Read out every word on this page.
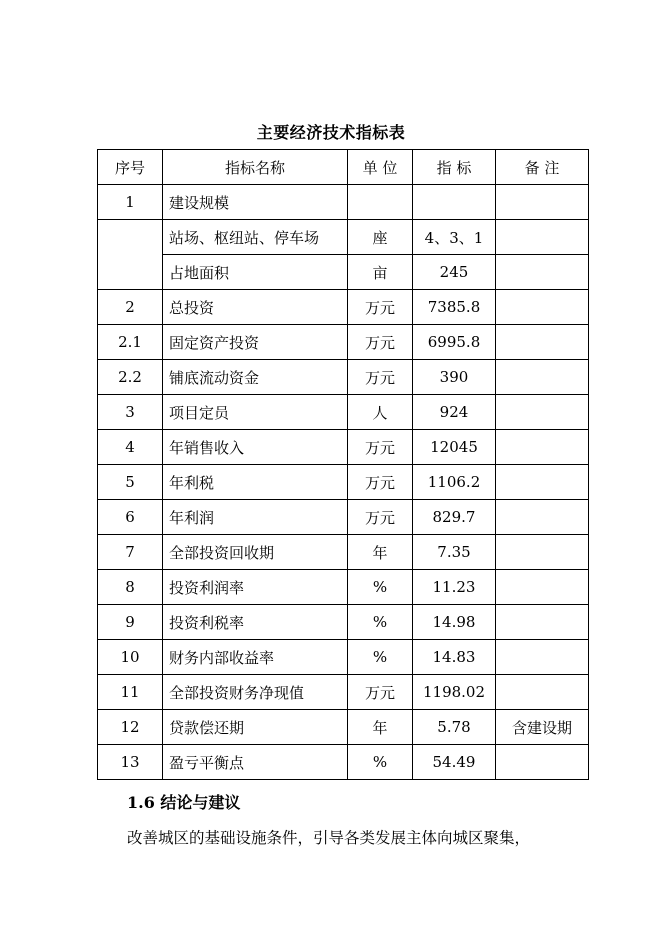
主要经济技术指标表
序号	指标名称	单 位	指 标	备 注
1	建设规模			
	站场、枢纽站、停车场	座	4、3、1	
	占地面积	亩	245	
2	总投资	万元	7385.8	
2.1	固定资产投资	万元	6995.8	
2.2	铺底流动资金	万元	390	
3	项目定员	人	924	
4	年销售收入	万元	12045	
5	年利税	万元	1106.2	
6	年利润	万元	829.7	
7	全部投资回收期	年	7.35	
8	投资利润率	%	11.23	
9	投资利税率	%	14.98	
10	财务内部收益率	%	14.83	
11	全部投资财务净现值	万元	1198.02	
12	贷款偿还期	年	5.78	含建设期
13	盈亏平衡点	%	54.49	
1.6 结论与建议
改善城区的基础设施条件，引导各类发展主体向城区聚集，
